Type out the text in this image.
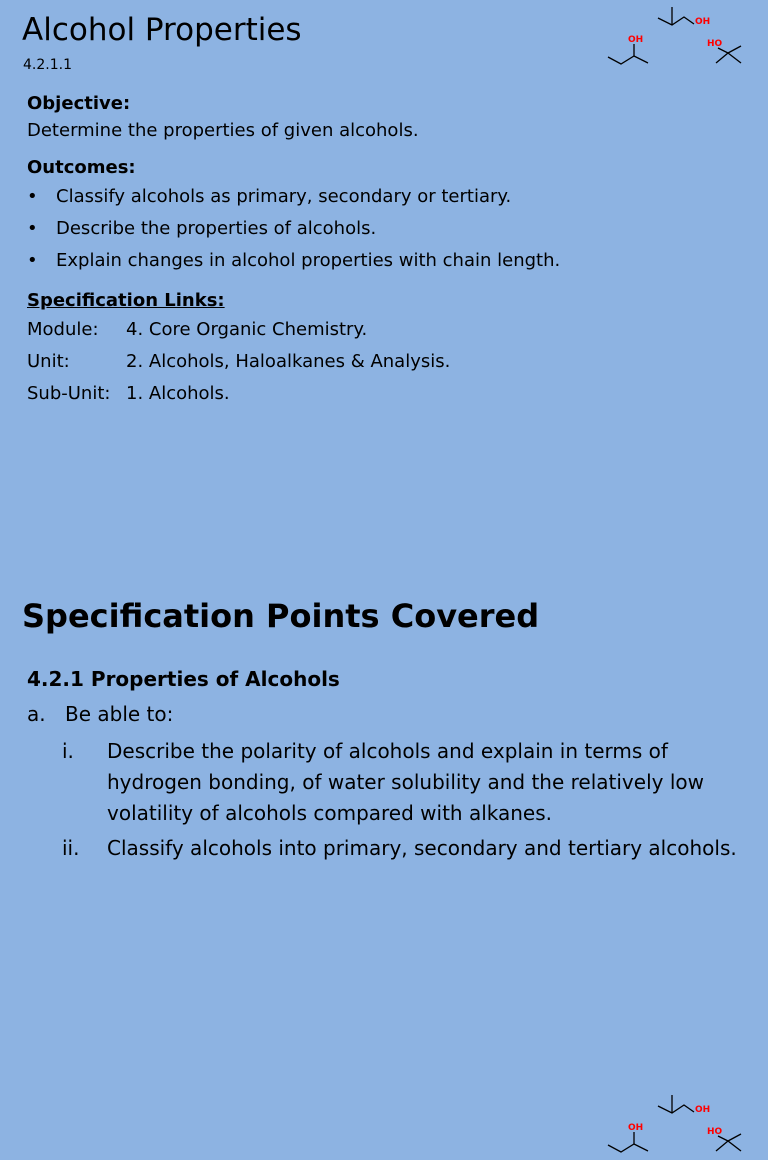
Alcohol Properties
4.2.1.1
OH
OH
HO
Objective:
Determine the properties of given alcohols.
Outcomes:
• Classify alcohols as primary, secondary or tertiary.
• Describe the properties of alcohols.
• Explain changes in alcohol properties with chain length.
Specification Links:
Module:	4. Core Organic Chemistry.
Unit:	2. Alcohols, Haloalkanes & Analysis.
Sub-Unit: 1. Alcohols.
Specification Points Covered
OH
OH
HO
4.2.1 Properties of Alcohols
a. Be able to:
i.	Describe the polarity of alcohols and explain in terms of hydrogen bonding, of water solubility and the relatively low volatility of alcohols compared with alkanes.
ii.	Classify alcohols into primary, secondary and tertiary alcohols.
